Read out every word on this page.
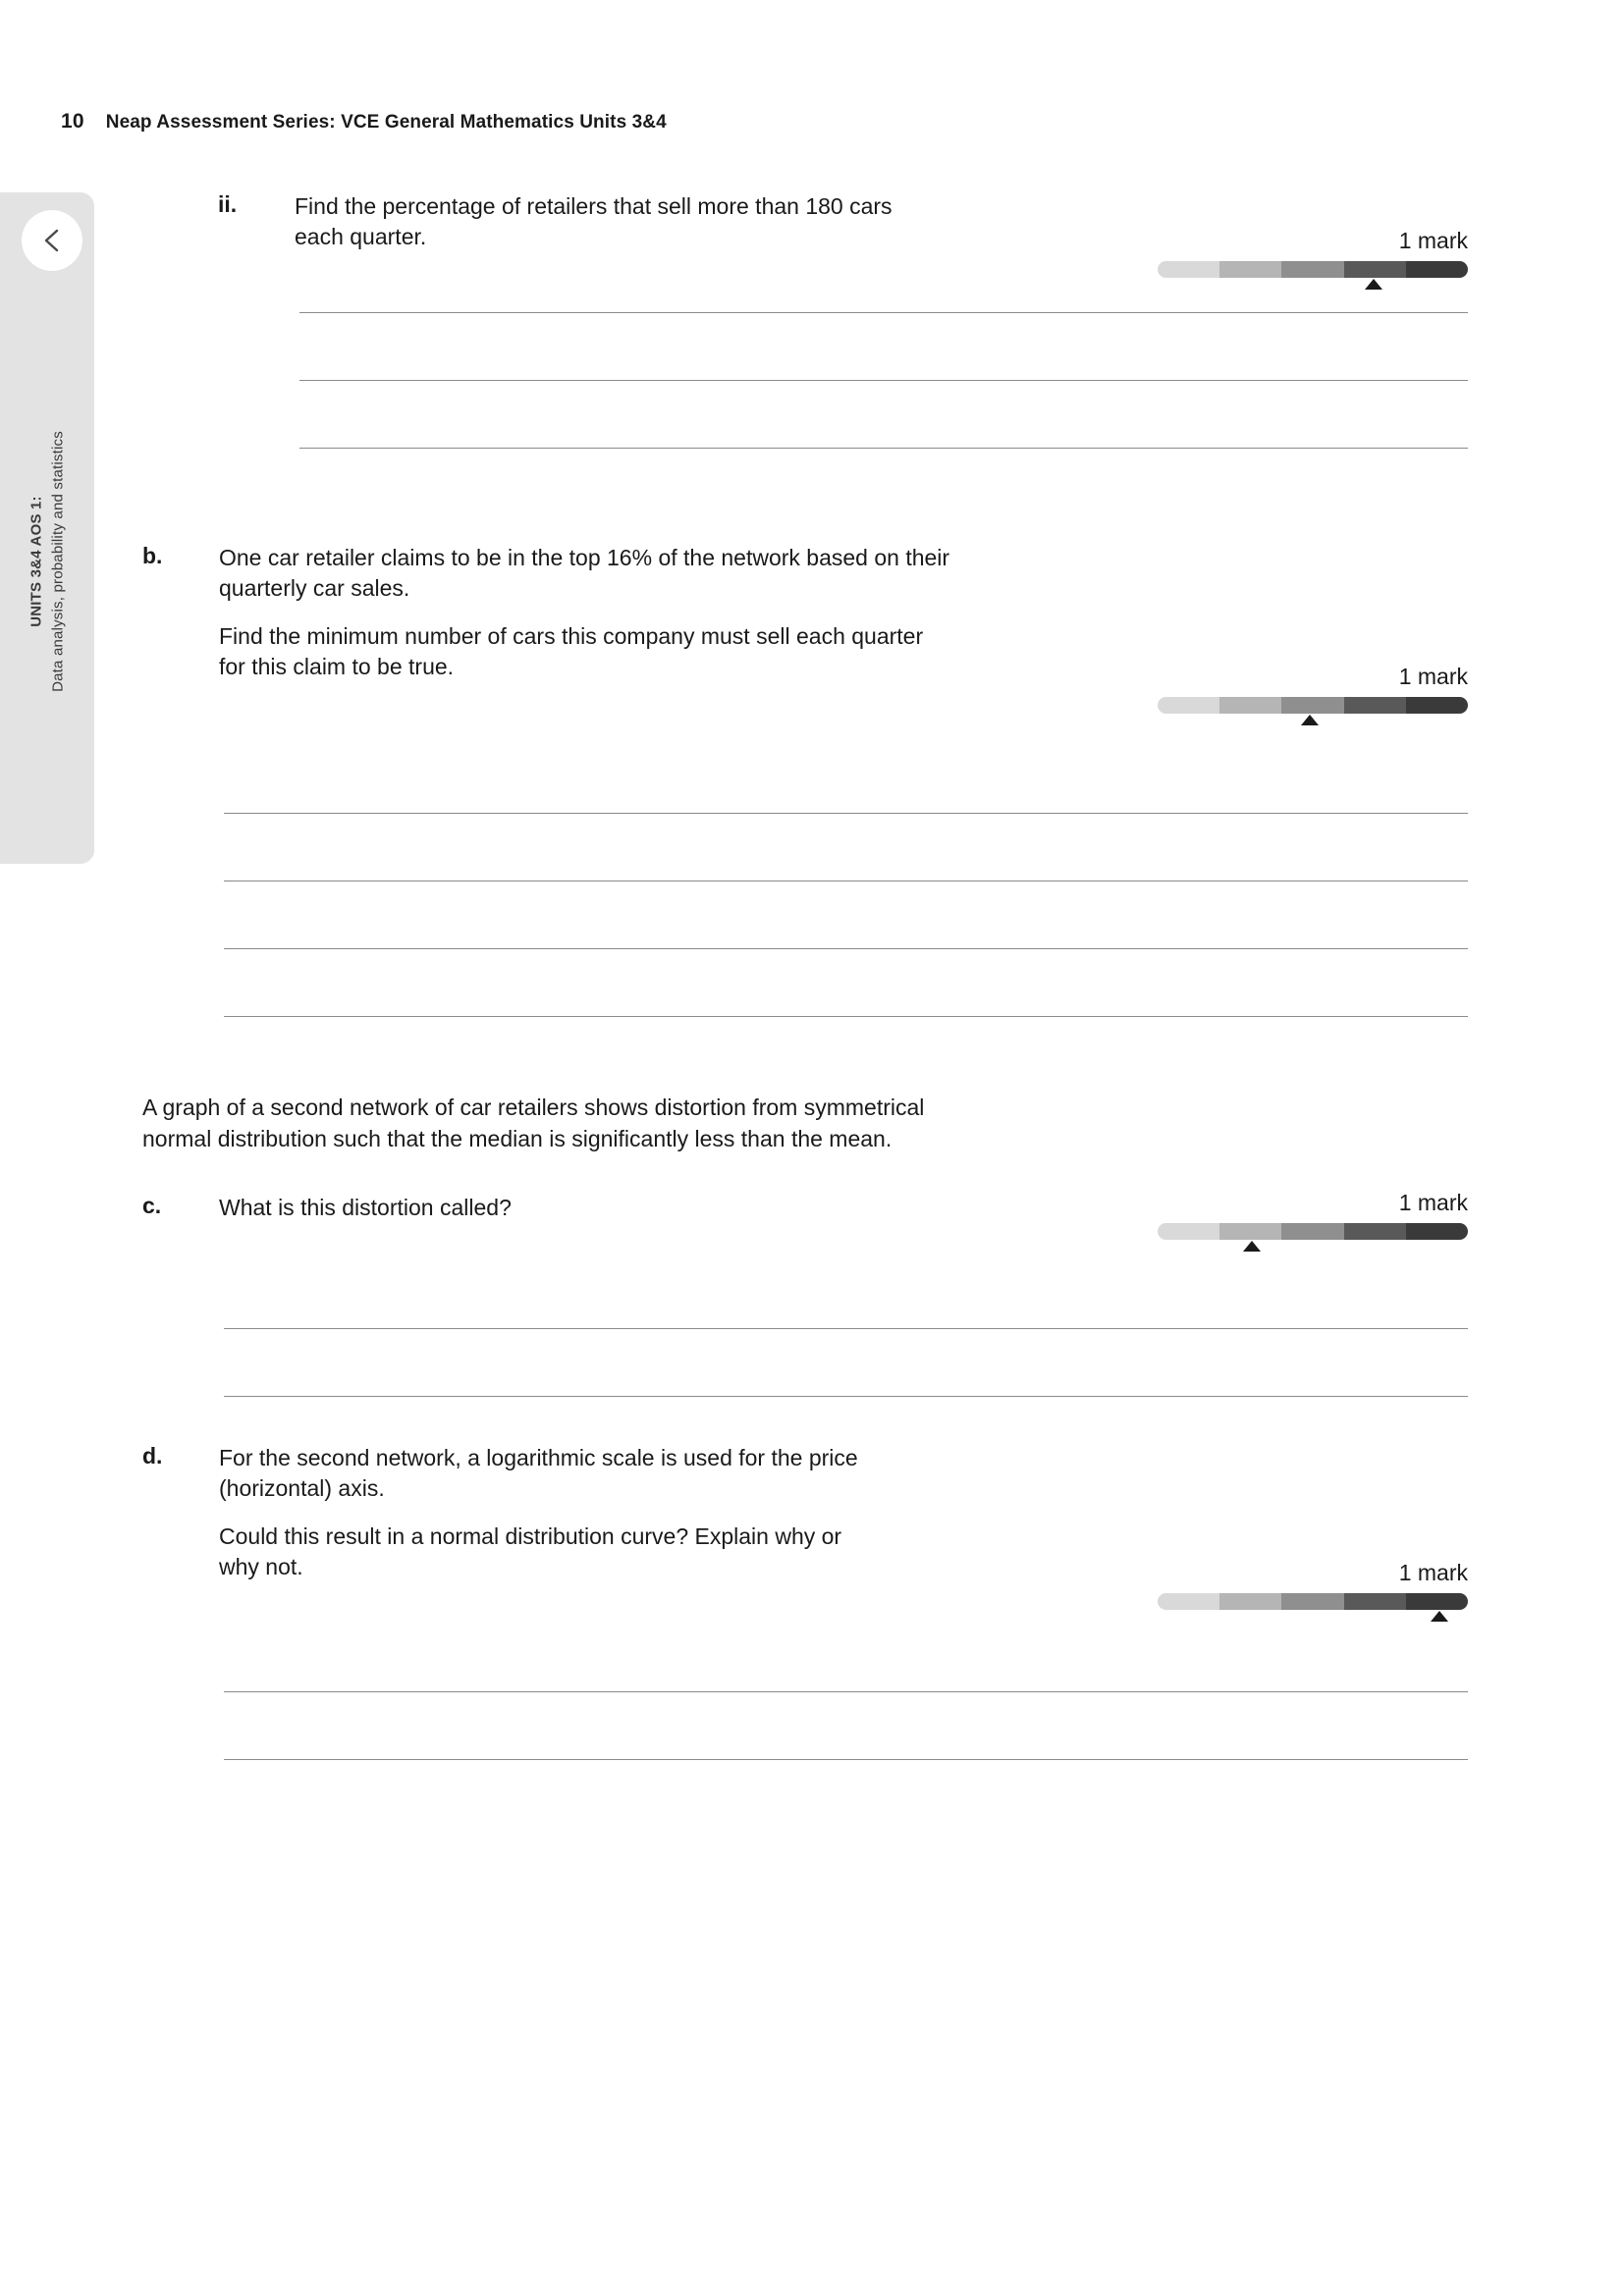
10 Neap Assessment Series: VCE General Mathematics Units 3&4
UNITS 3&4 AOS 1: Data analysis, probability and statistics
ii.	Find the percentage of retailers that sell more than 180 cars
each quarter.	1 mark
b.	One car retailer claims to be in the top 16% of the network based on their
quarterly car sales.

Find the minimum number of cars this company must sell each quarter
for this claim to be true.	1 mark
A graph of a second network of car retailers shows distortion from symmetrical
normal distribution such that the median is significantly less than the mean.
c.	What is this distortion called?	1 mark
d.	For the second network, a logarithmic scale is used for the price
(horizontal) axis.

Could this result in a normal distribution curve? Explain why or
why not.	1 mark
